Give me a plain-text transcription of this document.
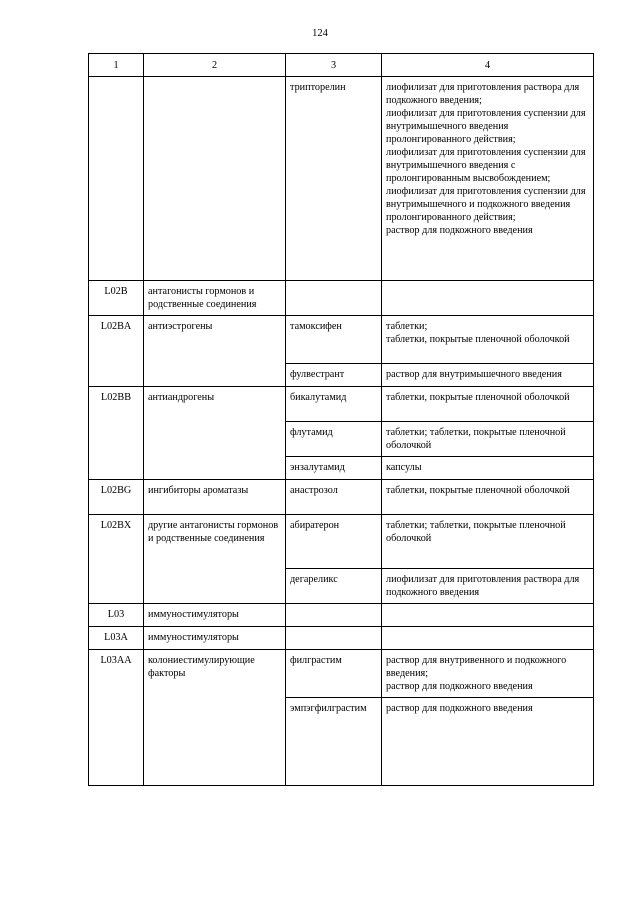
124
1	2	3	4
		трипторелин	лиофилизат для приготовления раствора для подкожного введения;
лиофилизат для приготовления суспензии для внутримышечного введения пролонгированного действия;
лиофилизат для приготовления суспензии для внутримышечного введения с пролонгированным высвобождением;
лиофилизат для приготовления суспензии для внутримышечного и подкожного введения пролонгированного действия;
раствор для подкожного введения

L02B	антагонисты гормонов и родственные соединения		
L02BA	антиэстрогены	тамоксифен	таблетки;
таблетки, покрытые пленочной оболочкой

		фулвестрант	раствор для внутримышечного введения
L02BB	антиандрогены	бикалутамид	таблетки, покрытые пленочной оболочкой
		флутамид	таблетки; таблетки, покрытые пленочной оболочкой
		энзалутамид	капсулы
L02BG	ингибиторы ароматазы	анастрозол	таблетки, покрытые пленочной оболочкой
L02BX	другие антагонисты гормонов и родственные соединения	абиратерон	таблетки; таблетки, покрытые пленочной оболочкой
		дегареликс	лиофилизат для приготовления раствора для подкожного введения
L03	иммуностимуляторы		
L03A	иммуностимуляторы		
L03AA	колониестимулирующие факторы	филграстим	раствор для внутривенного и подкожного введения;
раствор для подкожного введения

		эмпэгфилграстим	раствор для подкожного введения
